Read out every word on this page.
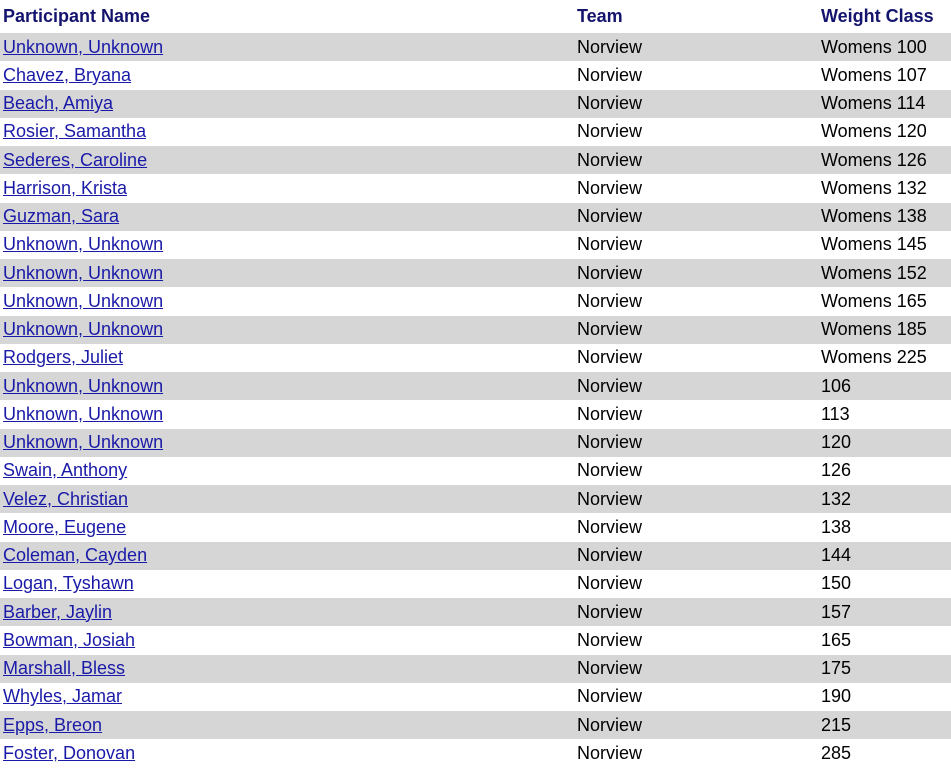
Participant Name	Team	Weight Class
Unknown, Unknown	Norview	Womens 100
Chavez, Bryana	Norview	Womens 107
Beach, Amiya	Norview	Womens 114
Rosier, Samantha	Norview	Womens 120
Sederes, Caroline	Norview	Womens 126
Harrison, Krista	Norview	Womens 132
Guzman, Sara	Norview	Womens 138
Unknown, Unknown	Norview	Womens 145
Unknown, Unknown	Norview	Womens 152
Unknown, Unknown	Norview	Womens 165
Unknown, Unknown	Norview	Womens 185
Rodgers, Juliet	Norview	Womens 225
Unknown, Unknown	Norview	106
Unknown, Unknown	Norview	113
Unknown, Unknown	Norview	120
Swain, Anthony	Norview	126
Velez, Christian	Norview	132
Moore, Eugene	Norview	138
Coleman, Cayden	Norview	144
Logan, Tyshawn	Norview	150
Barber, Jaylin	Norview	157
Bowman, Josiah	Norview	165
Marshall, Bless	Norview	175
Whyles, Jamar	Norview	190
Epps, Breon	Norview	215
Foster, Donovan	Norview	285
